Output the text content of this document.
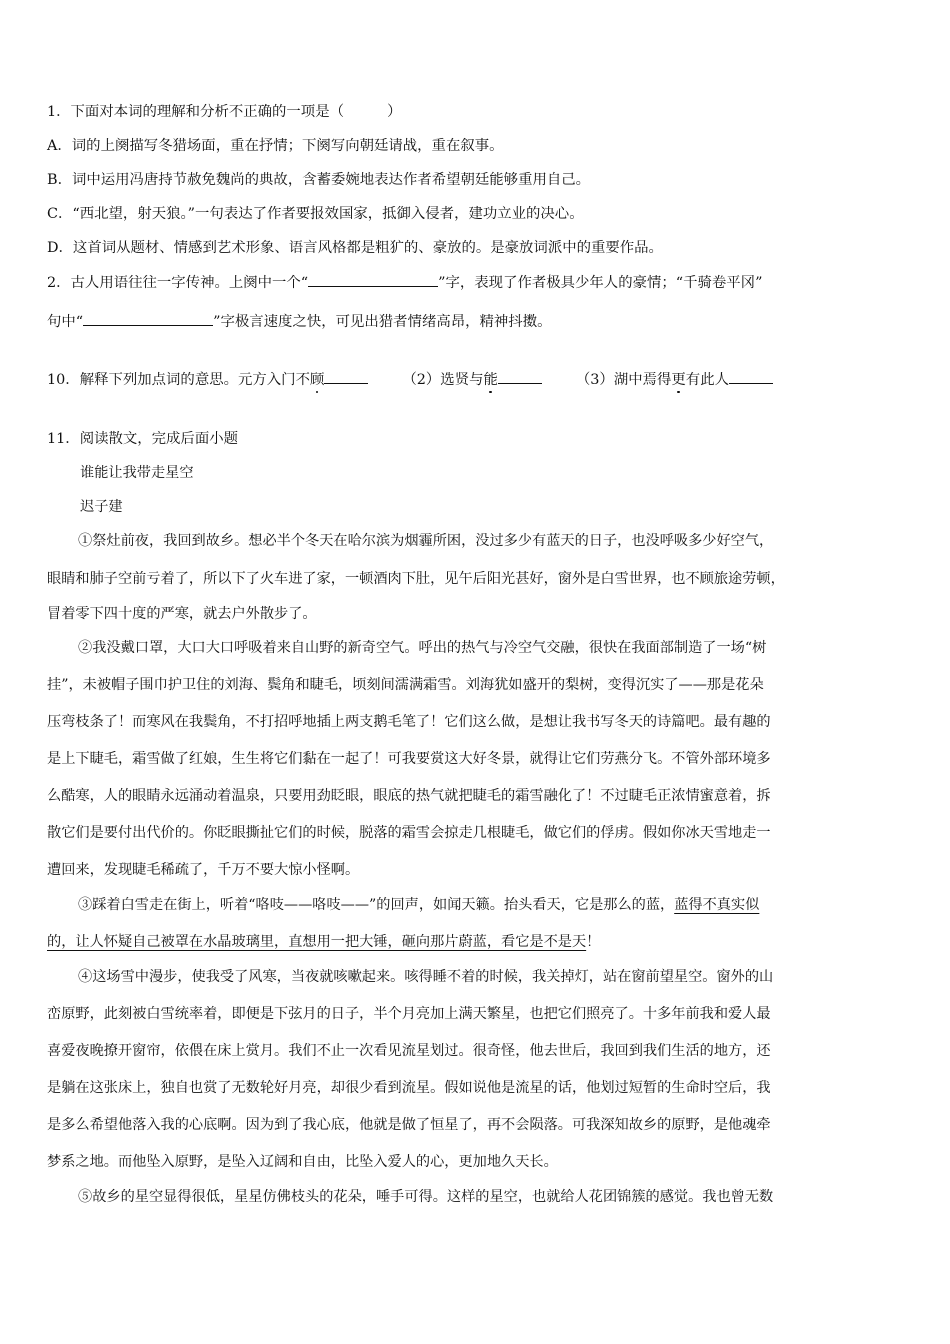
1．下面对本词的理解和分析不正确的一项是（　　　）
A．词的上阕描写冬猎场面，重在抒情；下阕写向朝廷请战，重在叙事。
B．词中运用冯唐持节赦免魏尚的典故，含蓄委婉地表达作者希望朝廷能够重用自己。
C．“西北望，射天狼。”一句表达了作者要报效国家，抵御入侵者，建功立业的决心。
D．这首词从题材、情感到艺术形象、语言风格都是粗犷的、豪放的。是豪放词派中的重要作品。
2．古人用语往往一字传神。上阕中一个“	”字，表现了作者极具少年人的豪情；“千骑卷平冈”
句中“	”字极言速度之快，可见出猎者情绪高昂，精神抖擞。
10．解释下列加点词的意思。元方入门不顾	（2）选贤与能	（3）湖中焉得更有此人
11．阅读散文，完成后面小题
谁能让我带走星空
迟子建
①祭灶前夜，我回到故乡。想必半个冬天在哈尔滨为烟霾所困，没过多少有蓝天的日子，也没呼吸多少好空气，
眼睛和肺子空前亏着了，所以下了火车进了家，一顿酒肉下肚，见午后阳光甚好，窗外是白雪世界，也不顾旅途劳顿，
冒着零下四十度的严寒，就去户外散步了。
②我没戴口罩，大口大口呼吸着来自山野的新奇空气。呼出的热气与冷空气交融，很快在我面部制造了一场“树
挂”，未被帽子围巾护卫住的刘海、鬓角和睫毛，顷刻间濡满霜雪。刘海犹如盛开的梨树，变得沉实了——那是花朵
压弯枝条了！而寒风在我鬓角，不打招呼地插上两支鹅毛笔了！它们这么做，是想让我书写冬天的诗篇吧。最有趣的
是上下睫毛，霜雪做了红娘，生生将它们黏在一起了！可我要赏这大好冬景，就得让它们劳燕分飞。不管外部环境多
么酷寒，人的眼睛永远涌动着温泉，只要用劲眨眼，眼底的热气就把睫毛的霜雪融化了！不过睫毛正浓情蜜意着，拆
散它们是要付出代价的。你眨眼撕扯它们的时候，脱落的霜雪会掠走几根睫毛，做它们的俘虏。假如你冰天雪地走一
遭回来，发现睫毛稀疏了，千万不要大惊小怪啊。
③踩着白雪走在街上，听着“咯吱——咯吱——”的回声，如闻天籁。抬头看天，它是那么的蓝，蓝得不真实似
的，让人怀疑自己被罩在水晶玻璃里，直想用一把大锤，砸向那片蔚蓝，看它是不是天！
④这场雪中漫步，使我受了风寒，当夜就咳嗽起来。咳得睡不着的时候，我关掉灯，站在窗前望星空。窗外的山
峦原野，此刻被白雪统率着，即便是下弦月的日子，半个月亮加上满天繁星，也把它们照亮了。十多年前我和爱人最
喜爱夜晚撩开窗帘，依偎在床上赏月。我们不止一次看见流星划过。很奇怪，他去世后，我回到我们生活的地方，还
是躺在这张床上，独自也赏了无数轮好月亮，却很少看到流星。假如说他是流星的话，他划过短暂的生命时空后，我
是多么希望他落入我的心底啊。因为到了我心底，他就是做了恒星了，再不会陨落。可我深知故乡的原野，是他魂牵
梦系之地。而他坠入原野，是坠入辽阔和自由，比坠入爱人的心，更加地久天长。
⑤故乡的星空显得很低，星星仿佛枝头的花朵，唾手可得。这样的星空，也就给人花团锦簇的感觉。我也曾无数
